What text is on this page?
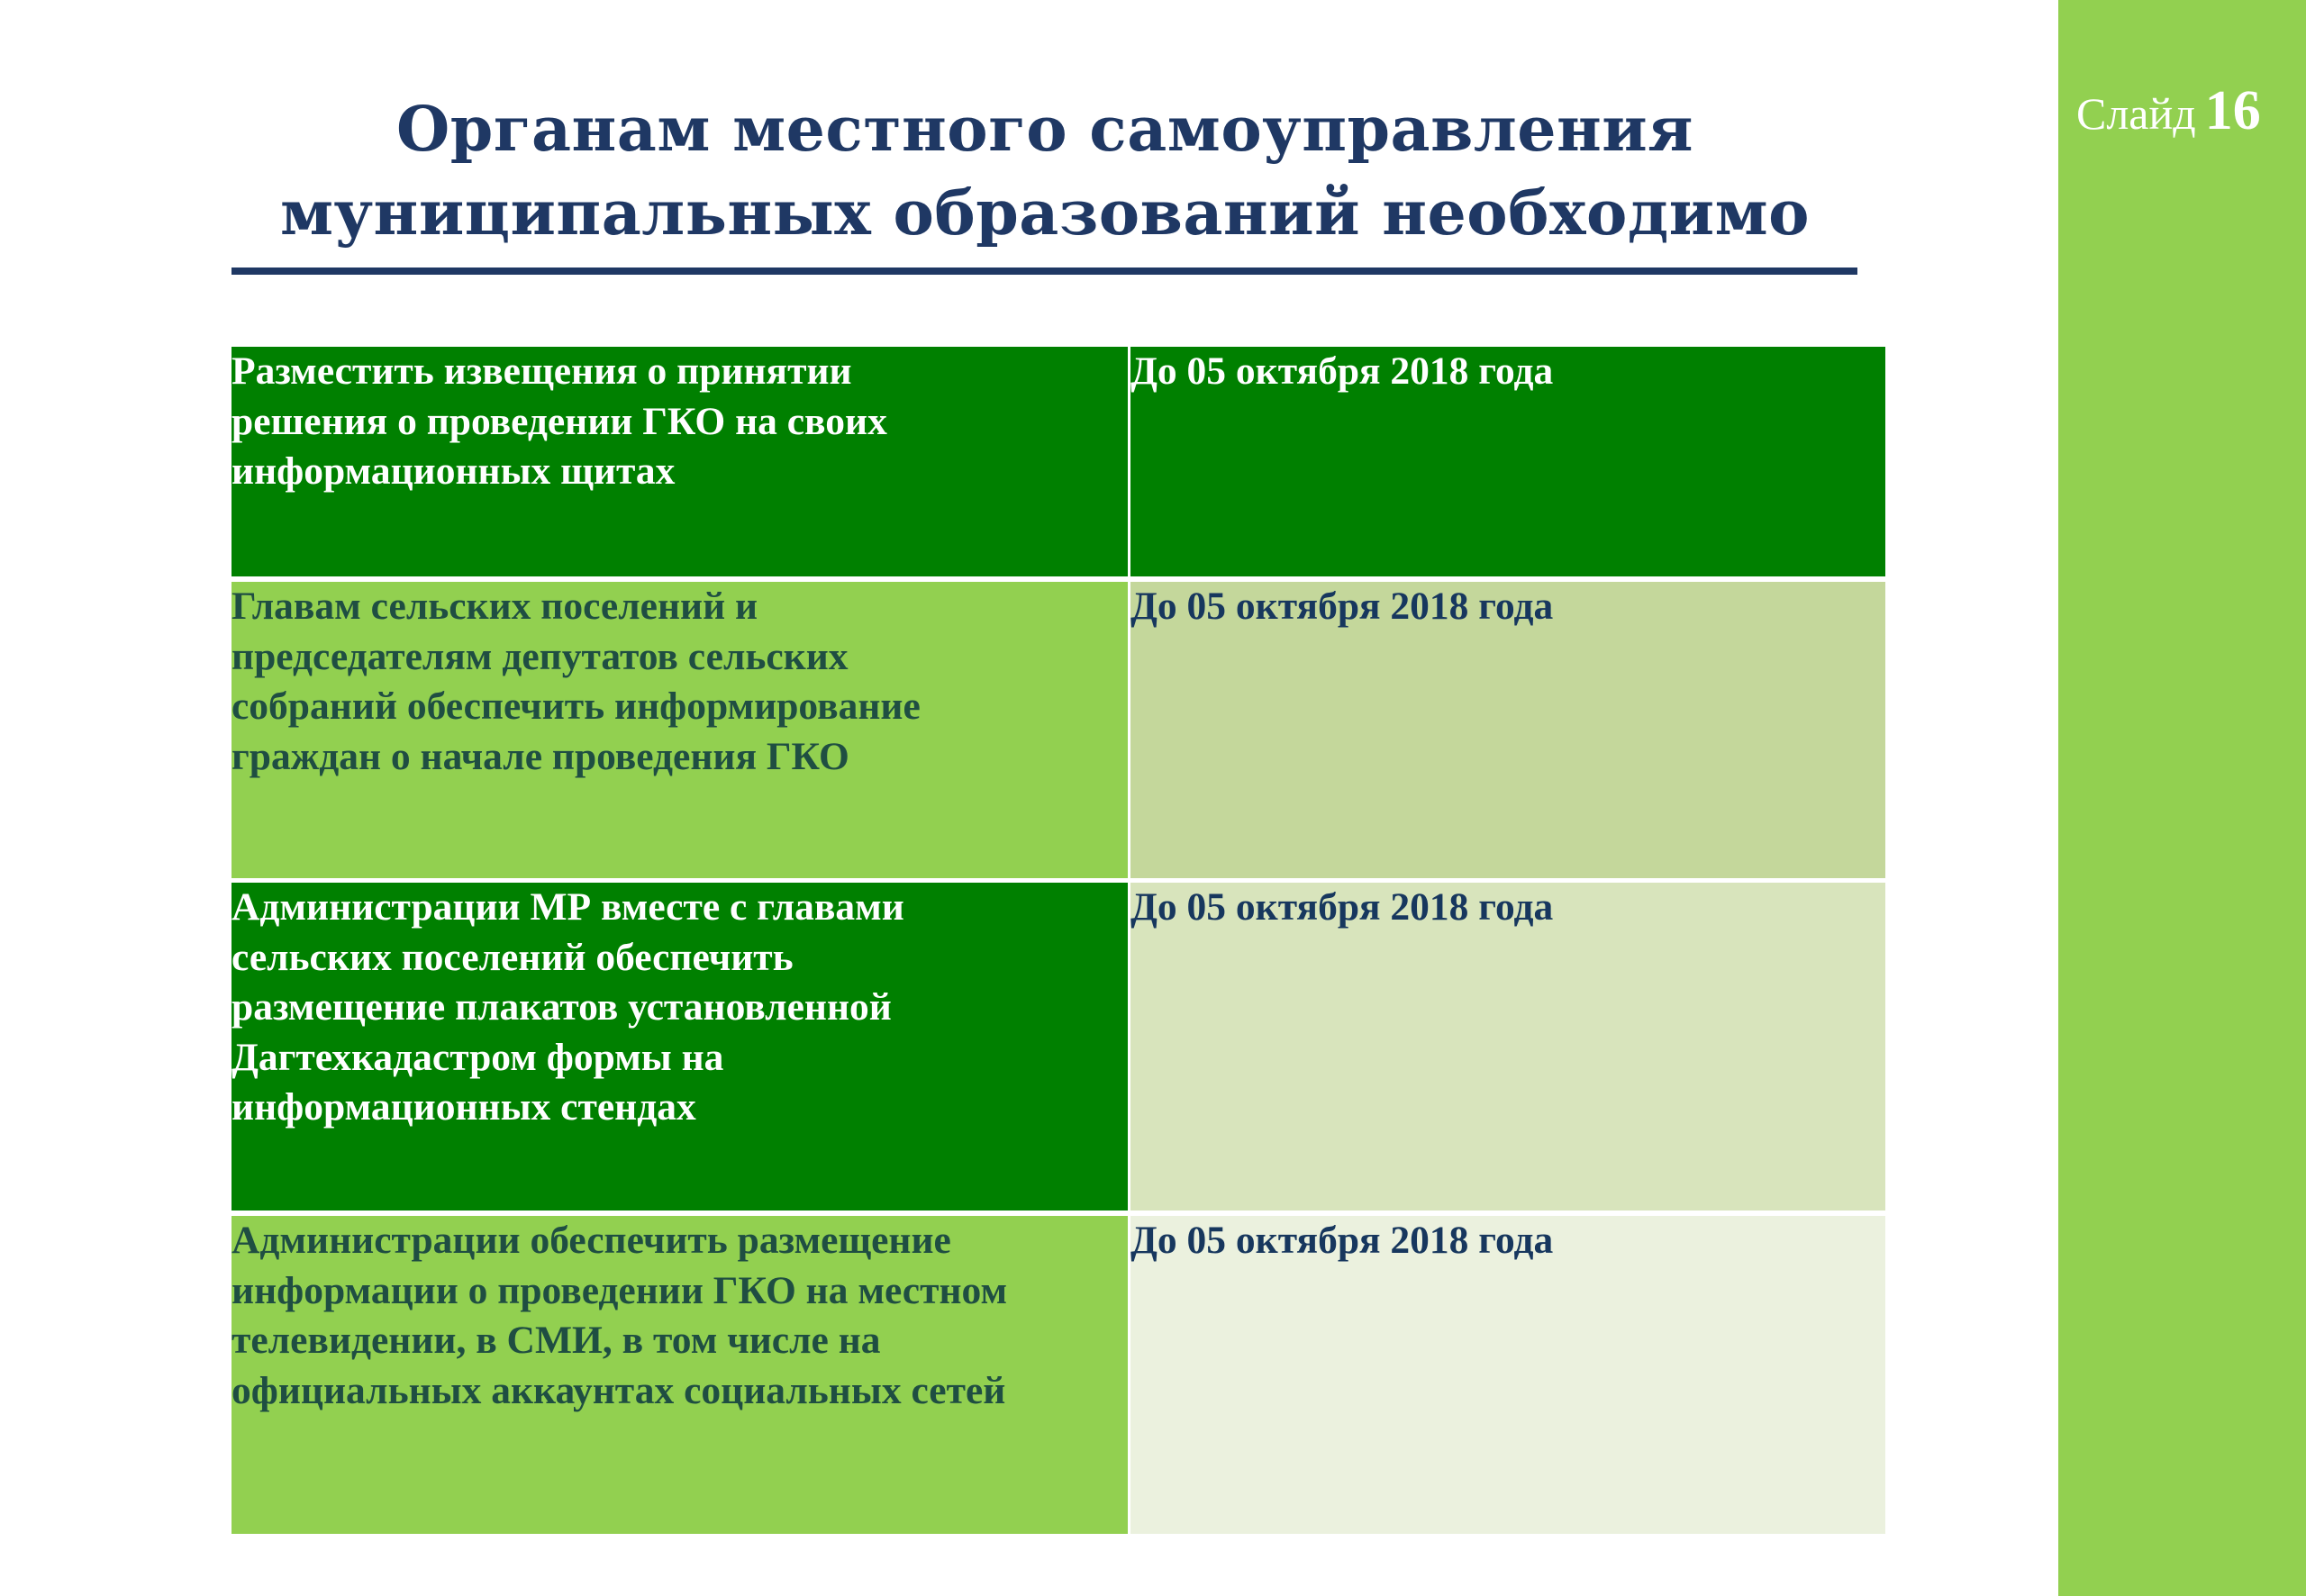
Слайд 16
Органам местного самоуправления
муниципальных образований необходимо
Разместить извещения о принятии
решения о проведении ГКО на своих
информационных щитах
До 05 октября 2018 года
Главам сельских поселений и
председателям депутатов сельских
собраний обеспечить информирование
граждан о начале проведения ГКО
До 05 октября 2018 года
Администрации МР вместе с главами
сельских поселений обеспечить
размещение плакатов установленной
Дагтехкадастром формы на
информационных стендах
До 05 октября 2018 года
Администрации обеспечить размещение
информации о проведении ГКО на местном
телевидении, в СМИ, в том числе на
официальных аккаунтах социальных сетей
До 05 октября 2018 года
